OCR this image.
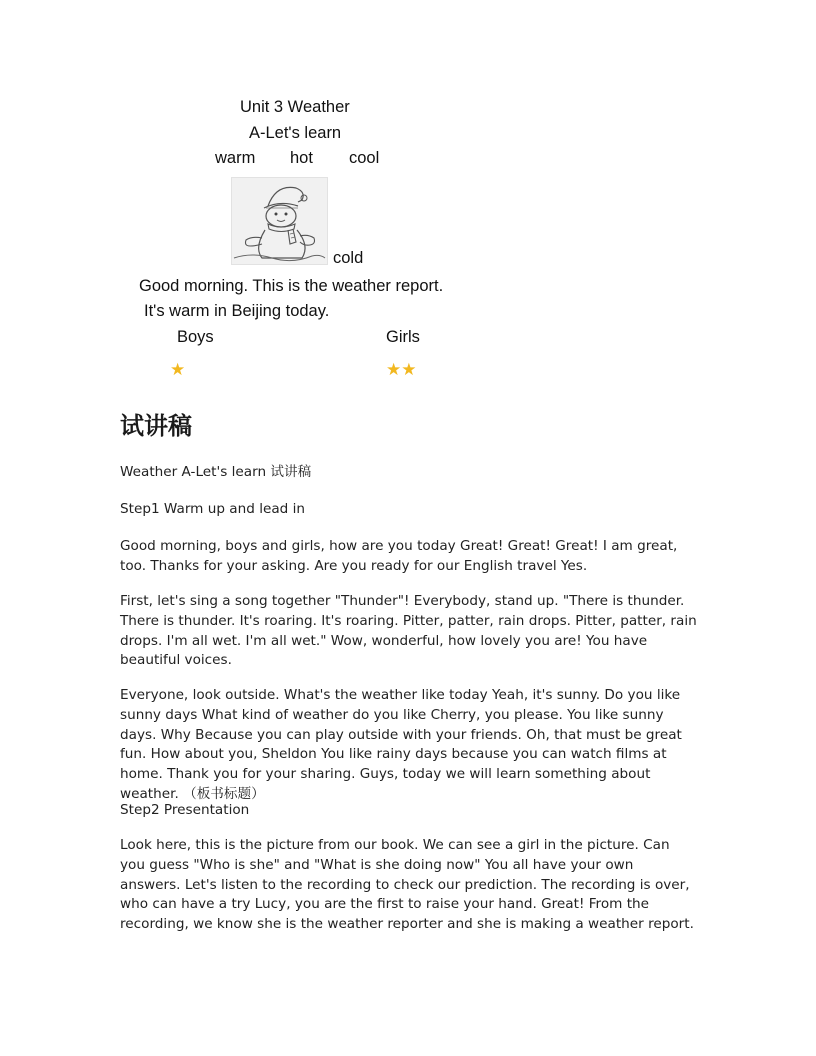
Unit 3 Weather
A-Let's learn
warm hot cool
cold
Good morning. This is the weather report.
It's warm in Beijing today.
Boys	Girls
★	★★
试讲稿

Weather A-Let's learn 试讲稿

Step1 Warm up and lead in

Good morning, boys and girls, how are you today Great! Great! Great! I am great, too. Thanks for your asking. Are you ready for our English travel Yes.

First, let's sing a song together "Thunder"! Everybody, stand up. "There is thunder. There is thunder. It's roaring. It's roaring. Pitter, patter, rain drops. Pitter, patter, rain drops. I'm all wet. I'm all wet." Wow, wonderful, how lovely you are! You have beautiful voices.

Everyone, look outside. What's the weather like today Yeah, it's sunny. Do you like sunny days What kind of weather do you like Cherry, you please. You like sunny days. Why Because you can play outside with your friends. Oh, that must be great fun. How about you, Sheldon You like rainy days because you can watch films at home. Thank you for your sharing. Guys, today we will learn something about weather. （板书标题）

Step2 Presentation

Look here, this is the picture from our book. We can see a girl in the picture. Can you guess "Who is she" and "What is she doing now" You all have your own answers. Let's listen to the recording to check our prediction. The recording is over, who can have a try Lucy, you are the first to raise your hand. Great! From the recording, we know she is the weather reporter and she is making a weather report.
